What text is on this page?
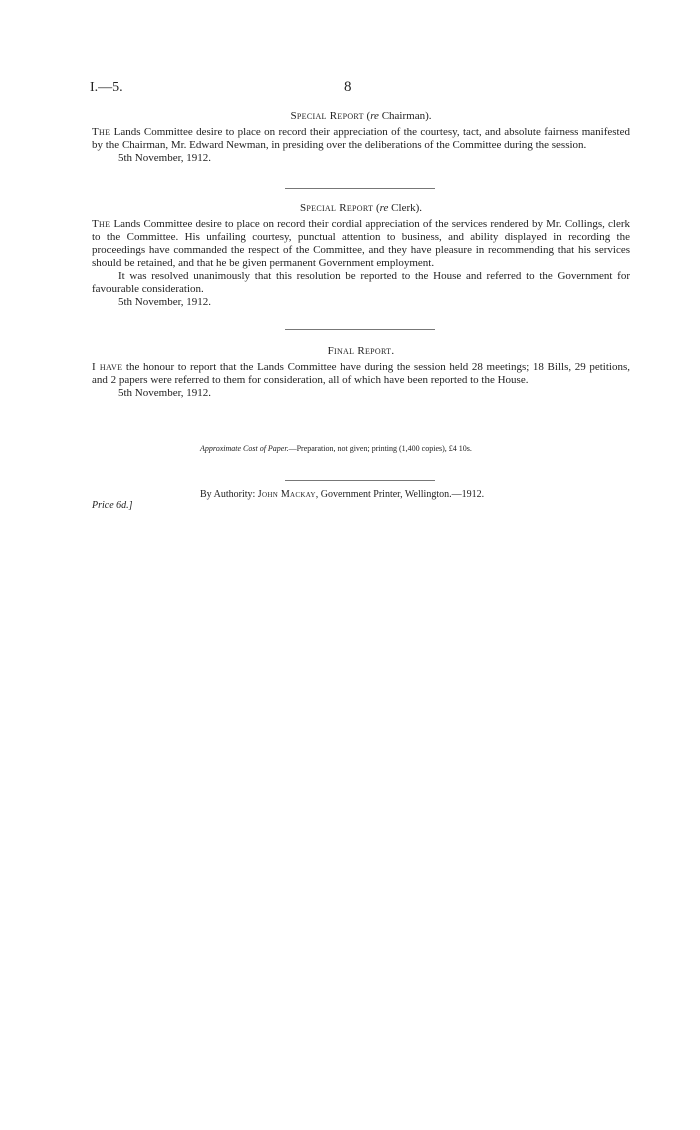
I.—5.	8
Special Report (re Chairman).

The Lands Committee desire to place on record their appreciation of the courtesy, tact, and absolute fairness manifested by the Chairman, Mr. Edward Newman, in presiding over the deliberations of the Committee during the session.

5th November, 1912.

Special Report (re Clerk).

The Lands Committee desire to place on record their cordial appreciation of the services rendered by Mr. Collings, clerk to the Committee. His unfailing courtesy, punctual attention to business, and ability displayed in recording the proceedings have commanded the respect of the Committee, and they have pleasure in recommending that his services should be retained, and that he be given permanent Government employment.

It was resolved unanimously that this resolution be reported to the House and referred to the Government for favourable consideration.

5th November, 1912.

Final Report.

I have the honour to report that the Lands Committee have during the session held 28 meetings; 18 Bills, 29 petitions, and 2 papers were referred to them for consideration, all of which have been reported to the House.

5th November, 1912.

Approximate Cost of Paper.—Preparation, not given; printing (1,400 copies), £4 10s.
By Authority: John Mackay, Government Printer, Wellington.—1912.
Price 6d.]
